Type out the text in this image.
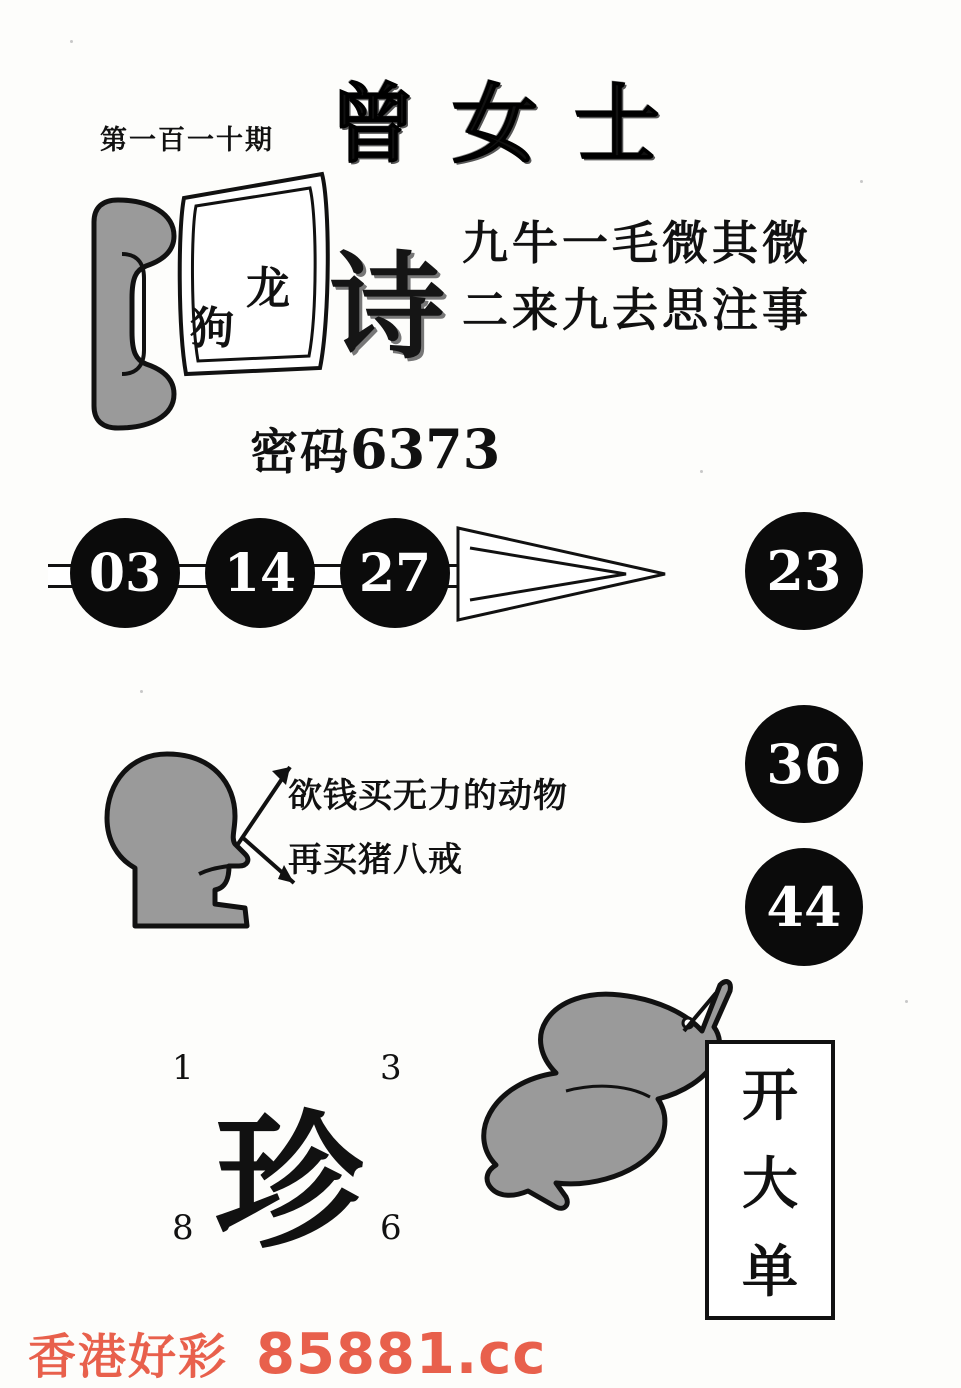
第一百一十期 曾女士
龙
狗 诗 九牛一毛微其微
二来九去思注事
密码6373
03	14	27	23
36
44
欲钱买无力的动物
再买猪八戒
1	3
8	6
珍	开
大
单
香港好彩 85881.cc
